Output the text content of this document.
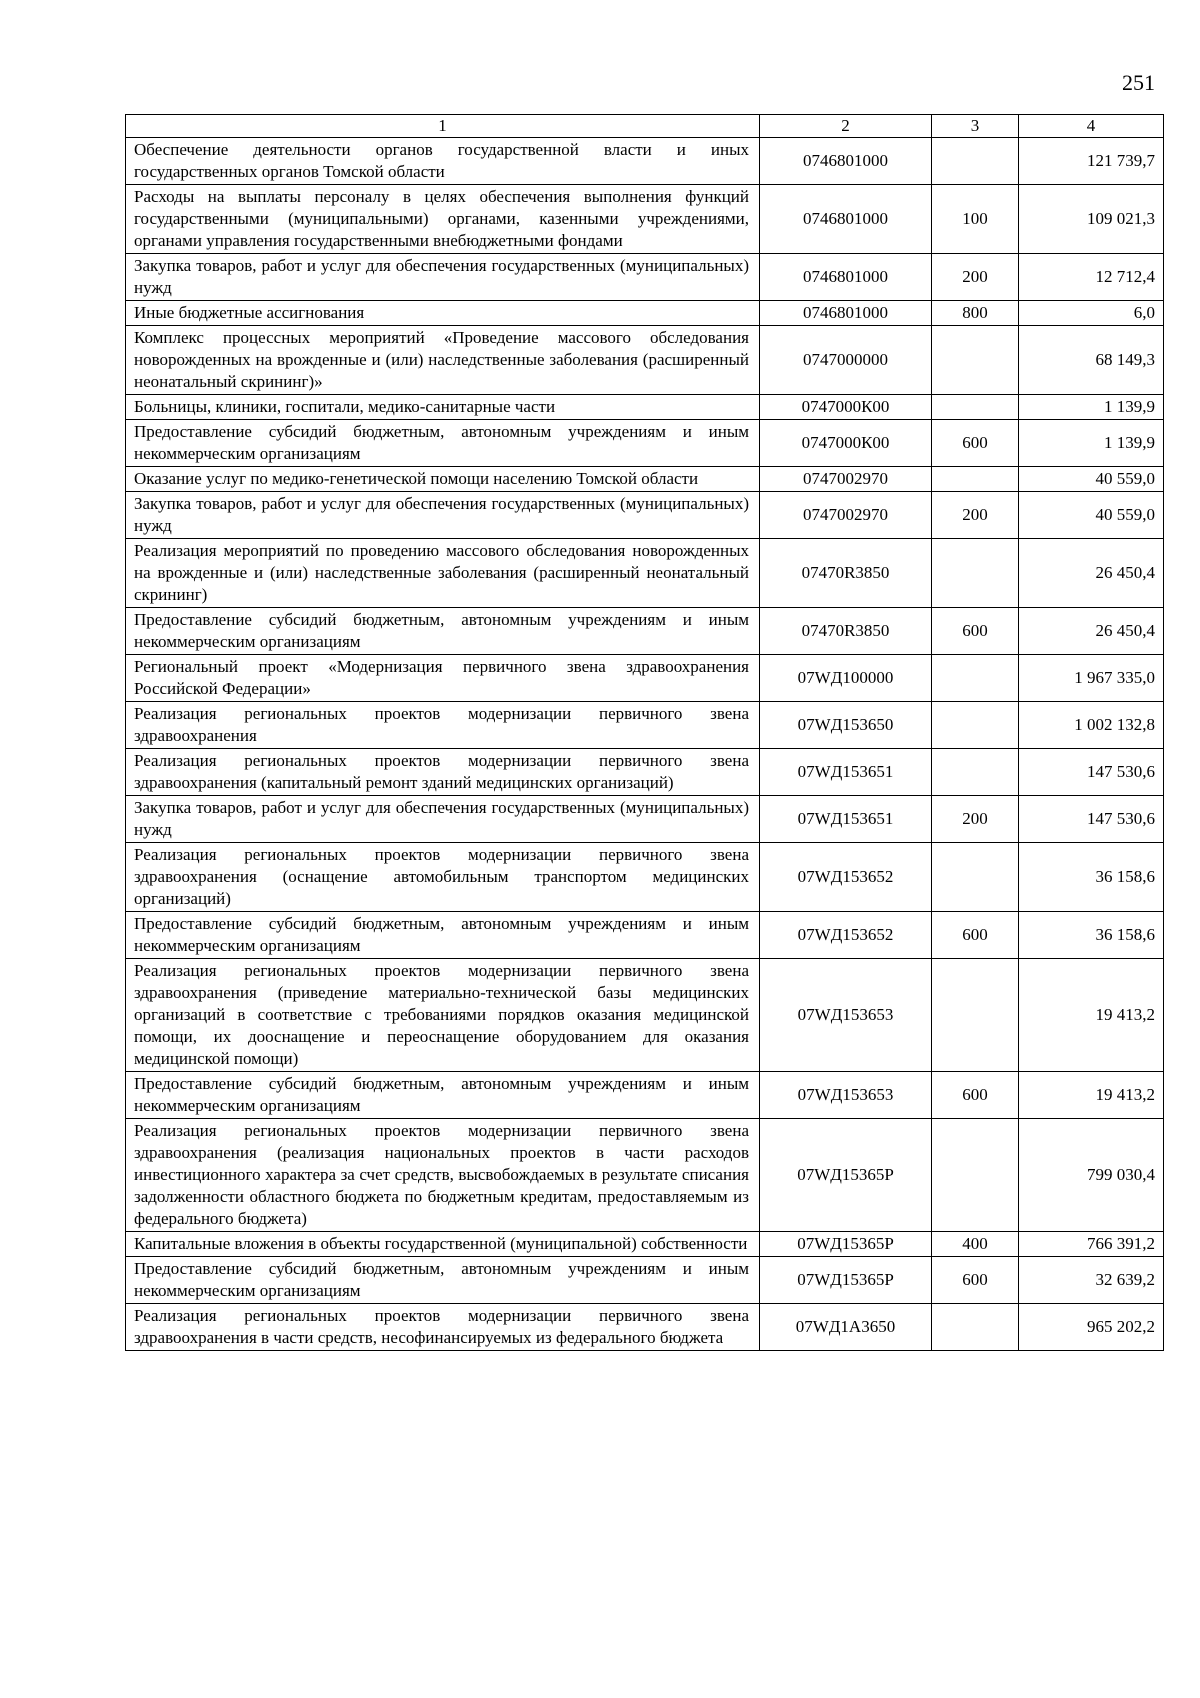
251
1	2	3	4
Обеспечение деятельности органов государственной власти и иных государственных органов Томской области	0746801000		121 739,7
Расходы на выплаты персоналу в целях обеспечения выполнения функций государственными (муниципальными) органами, казенными учреждениями, органами управления государственными внебюджетными фондами	0746801000	100	109 021,3
Закупка товаров, работ и услуг для обеспечения государственных (муниципальных) нужд	0746801000	200	12 712,4
Иные бюджетные ассигнования	0746801000	800	6,0
Комплекс процессных мероприятий «Проведение массового обследования новорожденных на врожденные и (или) наследственные заболевания (расширенный неонатальный скрининг)»	0747000000		68 149,3
Больницы, клиники, госпитали, медико-санитарные части	0747000К00		1 139,9
Предоставление субсидий бюджетным, автономным учреждениям и иным некоммерческим организациям	0747000К00	600	1 139,9
Оказание услуг по медико-генетической помощи населению Томской области	0747002970		40 559,0
Закупка товаров, работ и услуг для обеспечения государственных (муниципальных) нужд	0747002970	200	40 559,0
Реализация мероприятий по проведению массового обследования новорожденных на врожденные и (или) наследственные заболевания (расширенный неонатальный скрининг)	07470R3850		26 450,4
Предоставление субсидий бюджетным, автономным учреждениям и иным некоммерческим организациям	07470R3850	600	26 450,4
Региональный проект «Модернизация первичного звена здравоохранения Российской Федерации»	07WД100000		1 967 335,0
Реализация региональных проектов модернизации первичного звена здравоохранения	07WД153650		1 002 132,8
Реализация региональных проектов модернизации первичного звена здравоохранения (капитальный ремонт зданий медицинских организаций)	07WД153651		147 530,6
Закупка товаров, работ и услуг для обеспечения государственных (муниципальных) нужд	07WД153651	200	147 530,6
Реализация региональных проектов модернизации первичного звена здравоохранения (оснащение автомобильным транспортом медицинских организаций)	07WД153652		36 158,6
Предоставление субсидий бюджетным, автономным учреждениям и иным некоммерческим организациям	07WД153652	600	36 158,6
Реализация региональных проектов модернизации первичного звена здравоохранения (приведение материально-технической базы медицинских организаций в соответствие с требованиями порядков оказания медицинской помощи, их дооснащение и переоснащение оборудованием для оказания медицинской помощи)	07WД153653		19 413,2
Предоставление субсидий бюджетным, автономным учреждениям и иным некоммерческим организациям	07WД153653	600	19 413,2
Реализация региональных проектов модернизации первичного звена здравоохранения (реализация национальных проектов в части расходов инвестиционного характера за счет средств, высвобождаемых в результате списания задолженности областного бюджета по бюджетным кредитам, предоставляемым из федерального бюджета)	07WД15365Р		799 030,4
Капитальные вложения в объекты государственной (муниципальной) собственности	07WД15365Р	400	766 391,2
Предоставление субсидий бюджетным, автономным учреждениям и иным некоммерческим организациям	07WД15365Р	600	32 639,2
Реализация региональных проектов модернизации первичного звена здравоохранения в части средств, несофинансируемых из федерального бюджета	07WД1А3650		965 202,2
